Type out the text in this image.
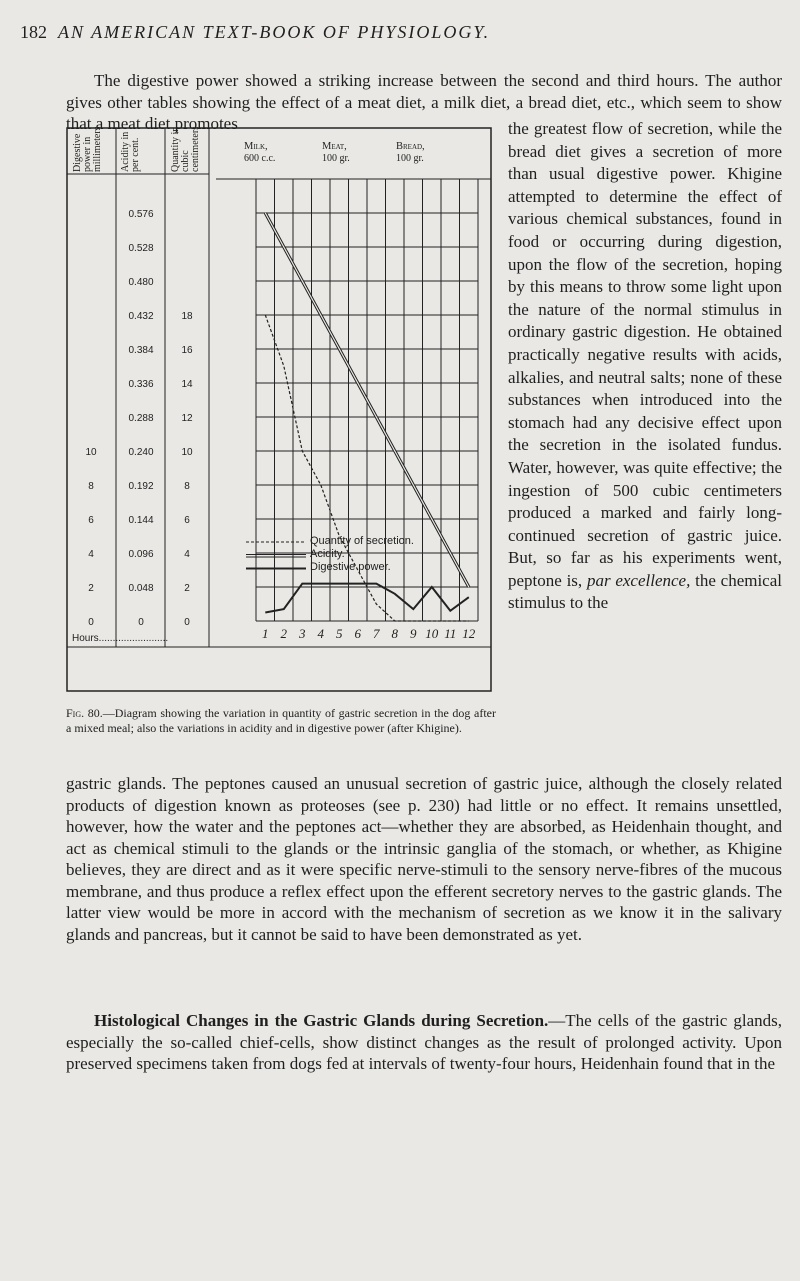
182 AN AMERICAN TEXT-BOOK OF PHYSIOLOGY.

The digestive power showed a striking increase between the second and third hours. The author gives other tables showing the effect of a meat diet, a milk diet, a bread diet, etc., which seem to show that a meat diet promotes

Digestive power in millimeters. Acidity in per cent.	Quantity in cubic centimeters.	Milk,
600 c.c.
Meat,
100 gr.
Bread,
100 gr.
0.576
0.528
0.480
0.432
0.384
0.336
0.288
0.240
0.192
0.144
0.096
0.048
0
18
16
14
12
10
8
6
4
2
0
10
8
6
4
2
0
Hours.........................	1 2 3 4 5 6 7 8 9 10 11 12
Quantity of secretion.
Acidity.
Digestive power.

Fig. 80.—Diagram showing the variation in quantity of gastric secretion in the dog after a mixed meal; also the variations in acidity and in digestive power (after Khigine).

the greatest flow of secretion, while the bread diet gives a secretion of more than usual digestive power. Khigine attempted to determine the effect of various chemical substances, found in food or occurring during digestion, upon the flow of the secretion, hoping by this means to throw some light upon the nature of the normal stimulus in ordinary gastric digestion. He obtained practically negative results with acids, alkalies, and neutral salts; none of these substances when introduced into the stomach had any decisive effect upon the secretion in the isolated fundus. Water, however, was quite effective; the ingestion of 500 cubic centimeters produced a marked and fairly long-continued secretion of gastric juice. But, so far as his experiments went, peptone is, par excellence, the chemical stimulus to the

gastric glands. The peptones caused an unusual secretion of gastric juice, although the closely related products of digestion known as proteoses (see p. 230) had little or no effect. It remains unsettled, however, how the water and the peptones act—whether they are absorbed, as Heidenhain thought, and act as chemical stimuli to the glands or the intrinsic ganglia of the stomach, or whether, as Khigine believes, they are direct and as it were specific nerve-stimuli to the sensory nerve-fibres of the mucous membrane, and thus produce a reflex effect upon the efferent secretory nerves to the gastric glands. The latter view would be more in accord with the mechanism of secretion as we know it in the salivary glands and pancreas, but it cannot be said to have been demonstrated as yet.

Histological Changes in the Gastric Glands during Secretion.—The cells of the gastric glands, especially the so-called chief-cells, show distinct changes as the result of prolonged activity. Upon preserved specimens taken from dogs fed at intervals of twenty-four hours, Heidenhain found that in the
